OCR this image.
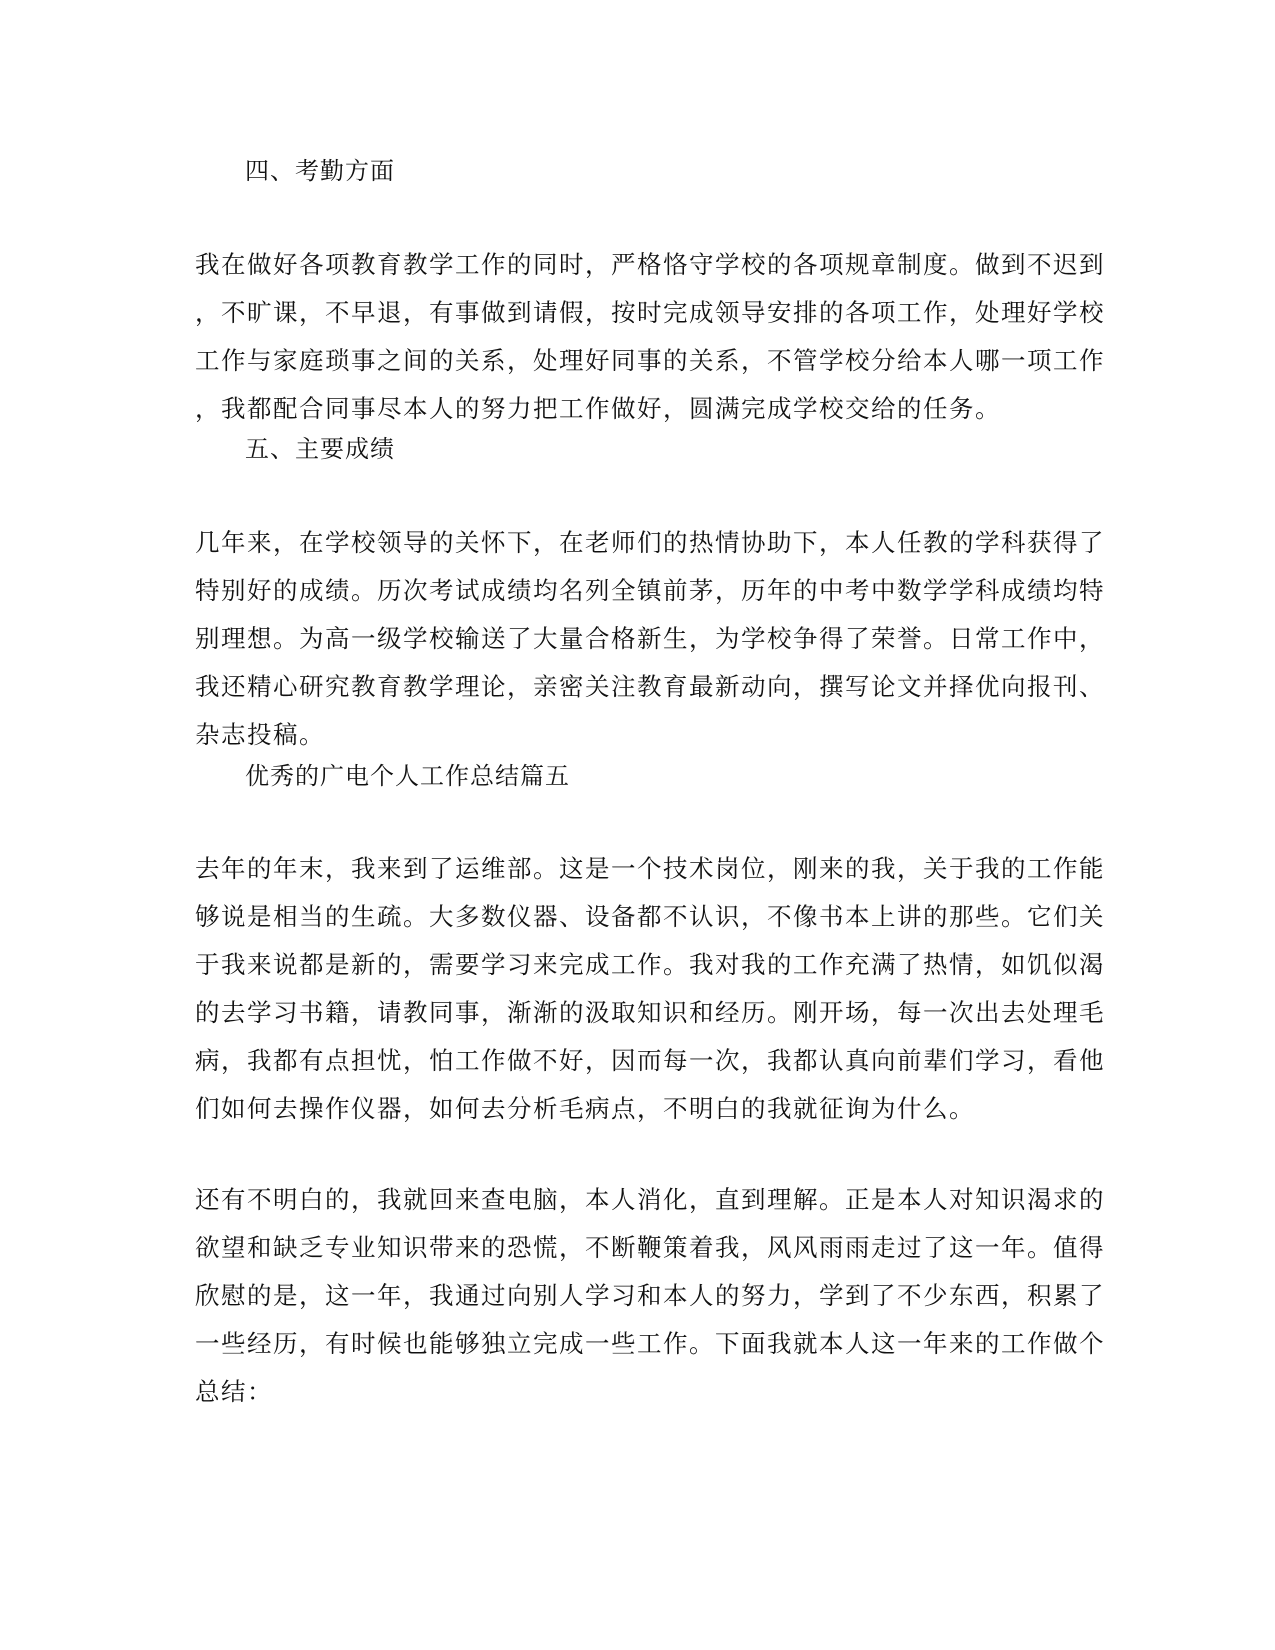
四、考勤方面
我在做好各项教育教学工作的同时，严格恪守学校的各项规章制度。做到不迟到
，不旷课，不早退，有事做到请假，按时完成领导安排的各项工作，处理好学校
工作与家庭琐事之间的关系，处理好同事的关系，不管学校分给本人哪一项工作
，我都配合同事尽本人的努力把工作做好，圆满完成学校交给的任务。
五、主要成绩
几年来，在学校领导的关怀下，在老师们的热情协助下，本人任教的学科获得了
特别好的成绩。历次考试成绩均名列全镇前茅，历年的中考中数学学科成绩均特
别理想。为高一级学校输送了大量合格新生，为学校争得了荣誉。日常工作中，
我还精心研究教育教学理论，亲密关注教育最新动向，撰写论文并择优向报刊、
杂志投稿。
优秀的广电个人工作总结篇五
去年的年末，我来到了运维部。这是一个技术岗位，刚来的我，关于我的工作能
够说是相当的生疏。大多数仪器、设备都不认识，不像书本上讲的那些。它们关
于我来说都是新的，需要学习来完成工作。我对我的工作充满了热情，如饥似渴
的去学习书籍，请教同事，渐渐的汲取知识和经历。刚开场，每一次出去处理毛
病，我都有点担忧，怕工作做不好，因而每一次，我都认真向前辈们学习，看他
们如何去操作仪器，如何去分析毛病点，不明白的我就征询为什么。
还有不明白的，我就回来查电脑，本人消化，直到理解。正是本人对知识渴求的
欲望和缺乏专业知识带来的恐慌，不断鞭策着我，风风雨雨走过了这一年。值得
欣慰的是，这一年，我通过向别人学习和本人的努力，学到了不少东西，积累了
一些经历，有时候也能够独立完成一些工作。下面我就本人这一年来的工作做个
总结：
